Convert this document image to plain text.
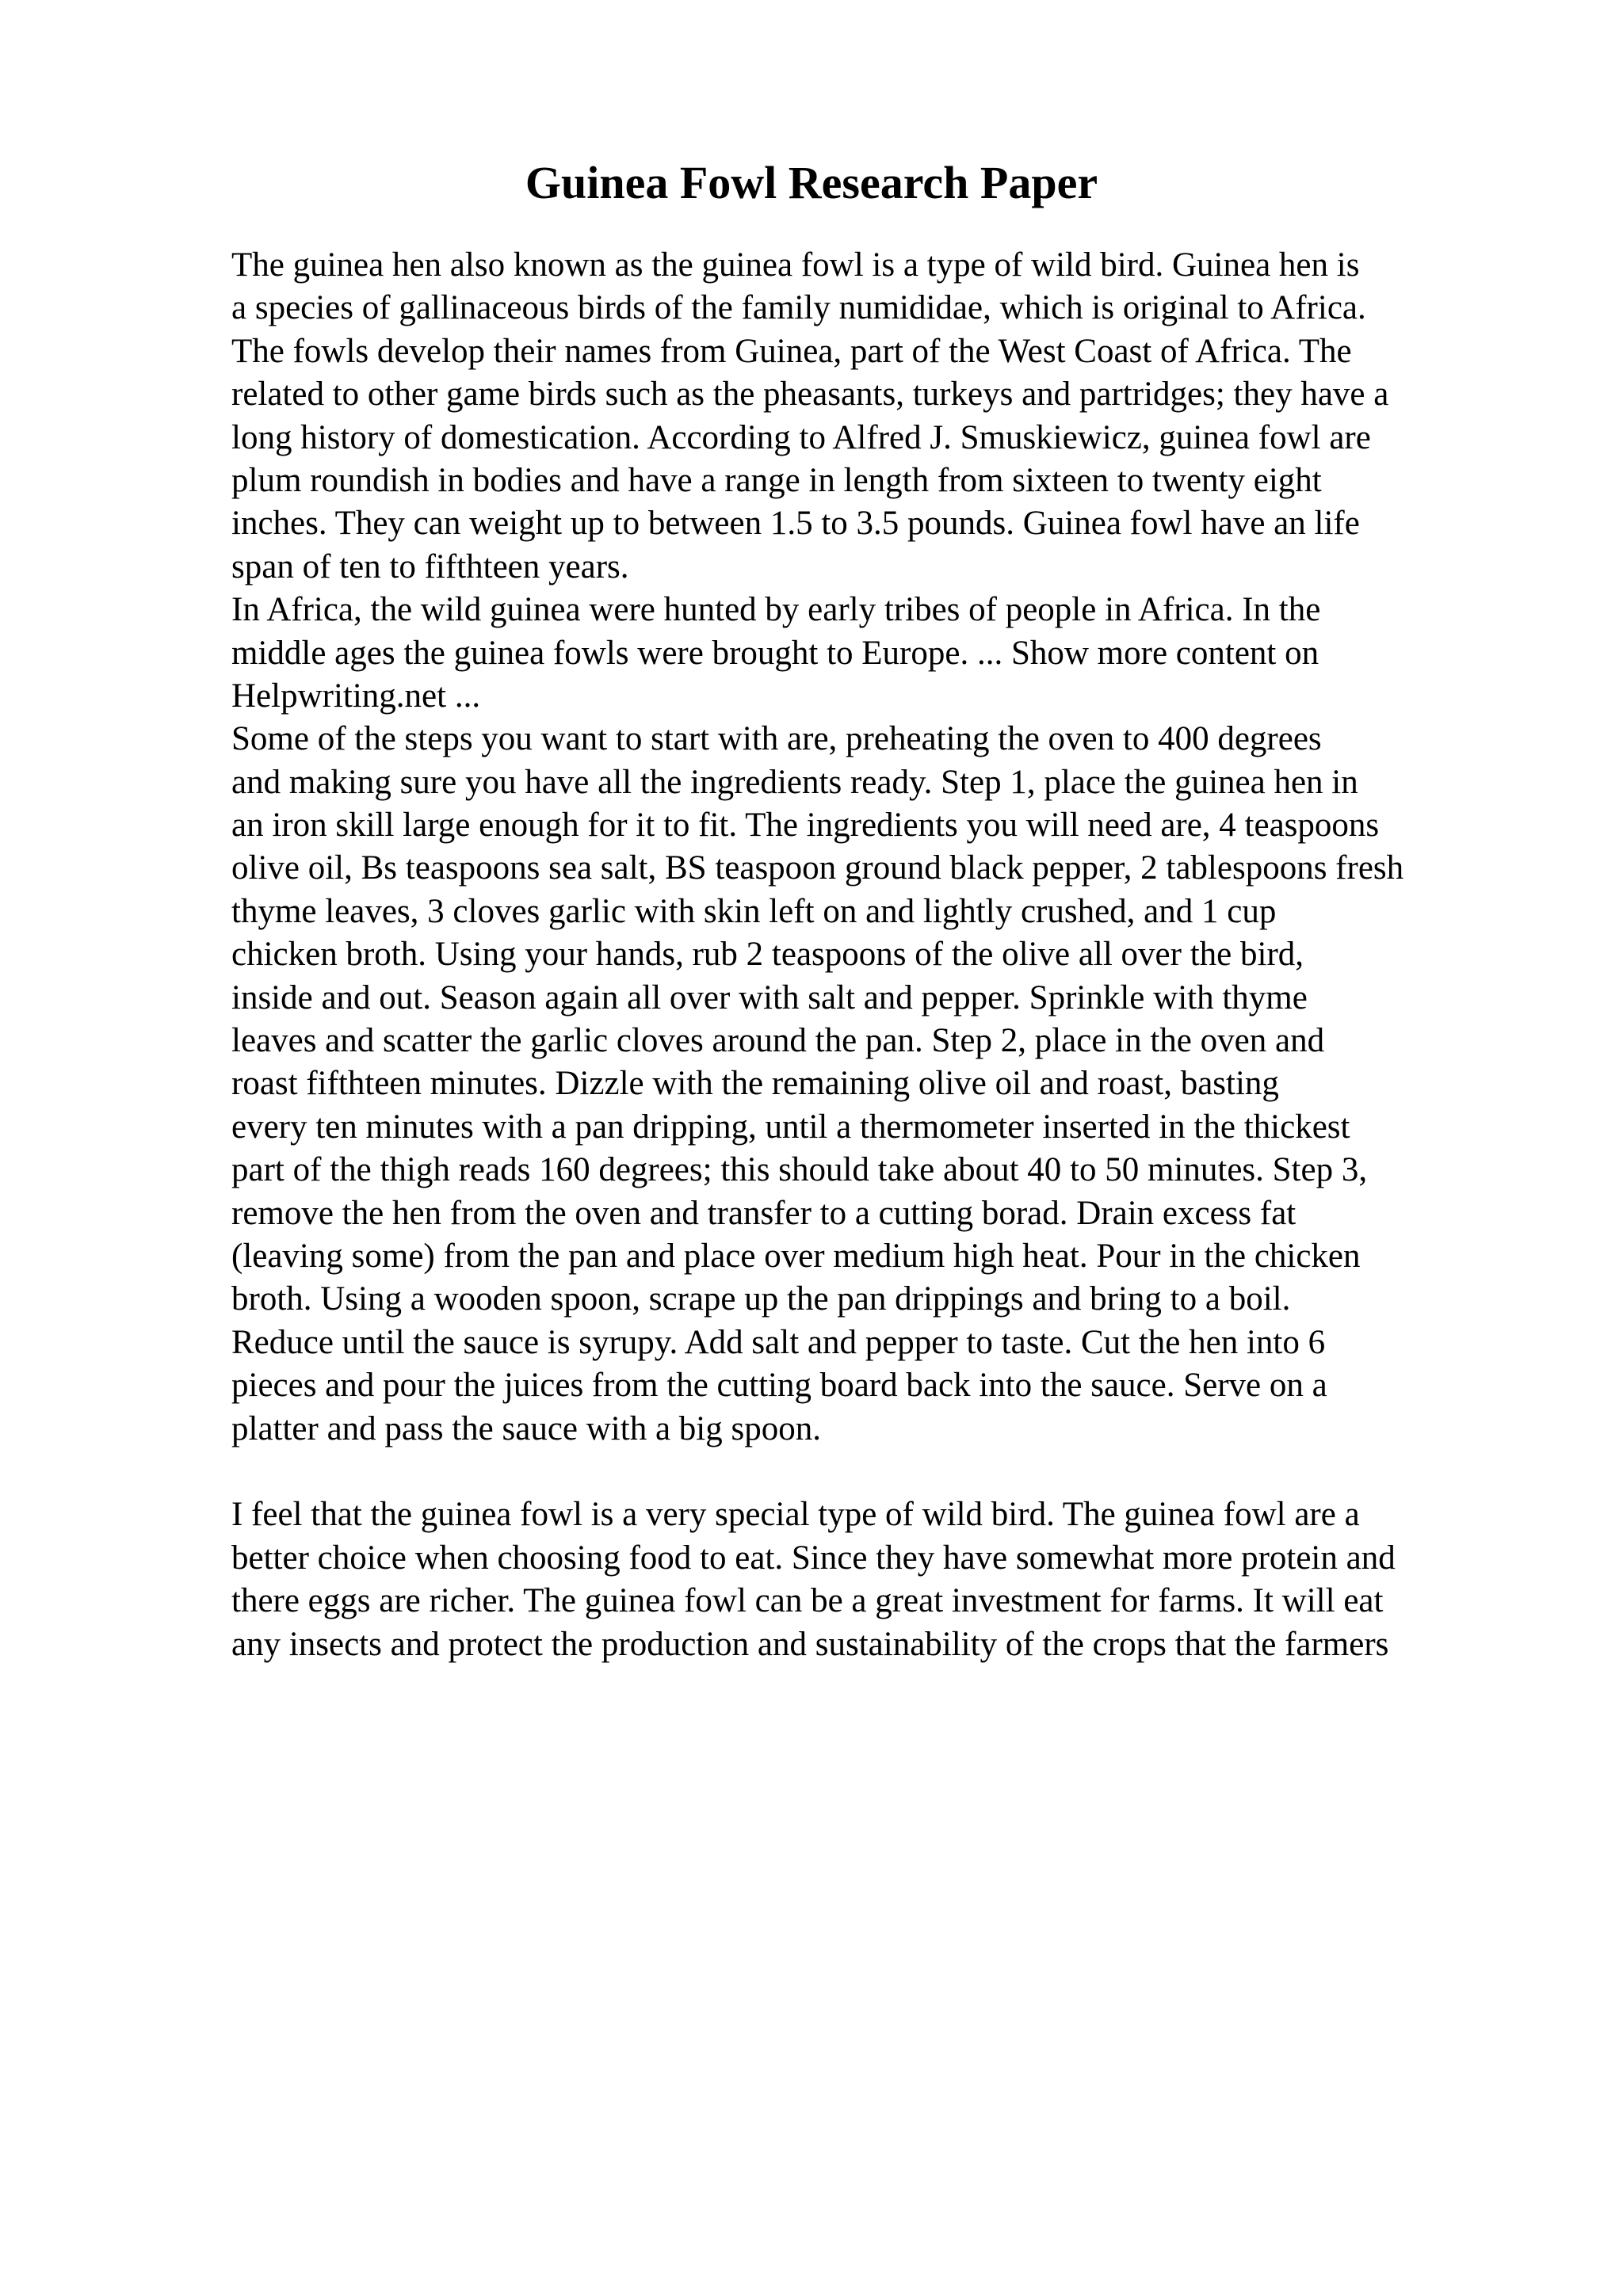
Guinea Fowl Research Paper
The guinea hen also known as the guinea fowl is a type of wild bird. Guinea hen is
a species of gallinaceous birds of the family numididae, which is original to Africa.
The fowls develop their names from Guinea, part of the West Coast of Africa. The
related to other game birds such as the pheasants, turkeys and partridges; they have a
long history of domestication. According to Alfred J. Smuskiewicz, guinea fowl are
plum roundish in bodies and have a range in length from sixteen to twenty eight
inches. They can weight up to between 1.5 to 3.5 pounds. Guinea fowl have an life
span of ten to fifthteen years.
In Africa, the wild guinea were hunted by early tribes of people in Africa. In the
middle ages the guinea fowls were brought to Europe. ... Show more content on
Helpwriting.net ...
Some of the steps you want to start with are, preheating the oven to 400 degrees
and making sure you have all the ingredients ready. Step 1, place the guinea hen in
an iron skill large enough for it to fit. The ingredients you will need are, 4 teaspoons
olive oil, Bs teaspoons sea salt, BS teaspoon ground black pepper, 2 tablespoons fresh
thyme leaves, 3 cloves garlic with skin left on and lightly crushed, and 1 cup
chicken broth. Using your hands, rub 2 teaspoons of the olive all over the bird,
inside and out. Season again all over with salt and pepper. Sprinkle with thyme
leaves and scatter the garlic cloves around the pan. Step 2, place in the oven and
roast fifthteen minutes. Dizzle with the remaining olive oil and roast, basting
every ten minutes with a pan dripping, until a thermometer inserted in the thickest
part of the thigh reads 160 degrees; this should take about 40 to 50 minutes. Step 3,
remove the hen from the oven and transfer to a cutting borad. Drain excess fat
(leaving some) from the pan and place over medium high heat. Pour in the chicken
broth. Using a wooden spoon, scrape up the pan drippings and bring to a boil.
Reduce until the sauce is syrupy. Add salt and pepper to taste. Cut the hen into 6
pieces and pour the juices from the cutting board back into the sauce. Serve on a
platter and pass the sauce with a big spoon.
I feel that the guinea fowl is a very special type of wild bird. The guinea fowl are a
better choice when choosing food to eat. Since they have somewhat more protein and
there eggs are richer. The guinea fowl can be a great investment for farms. It will eat
any insects and protect the production and sustainability of the crops that the farmers
